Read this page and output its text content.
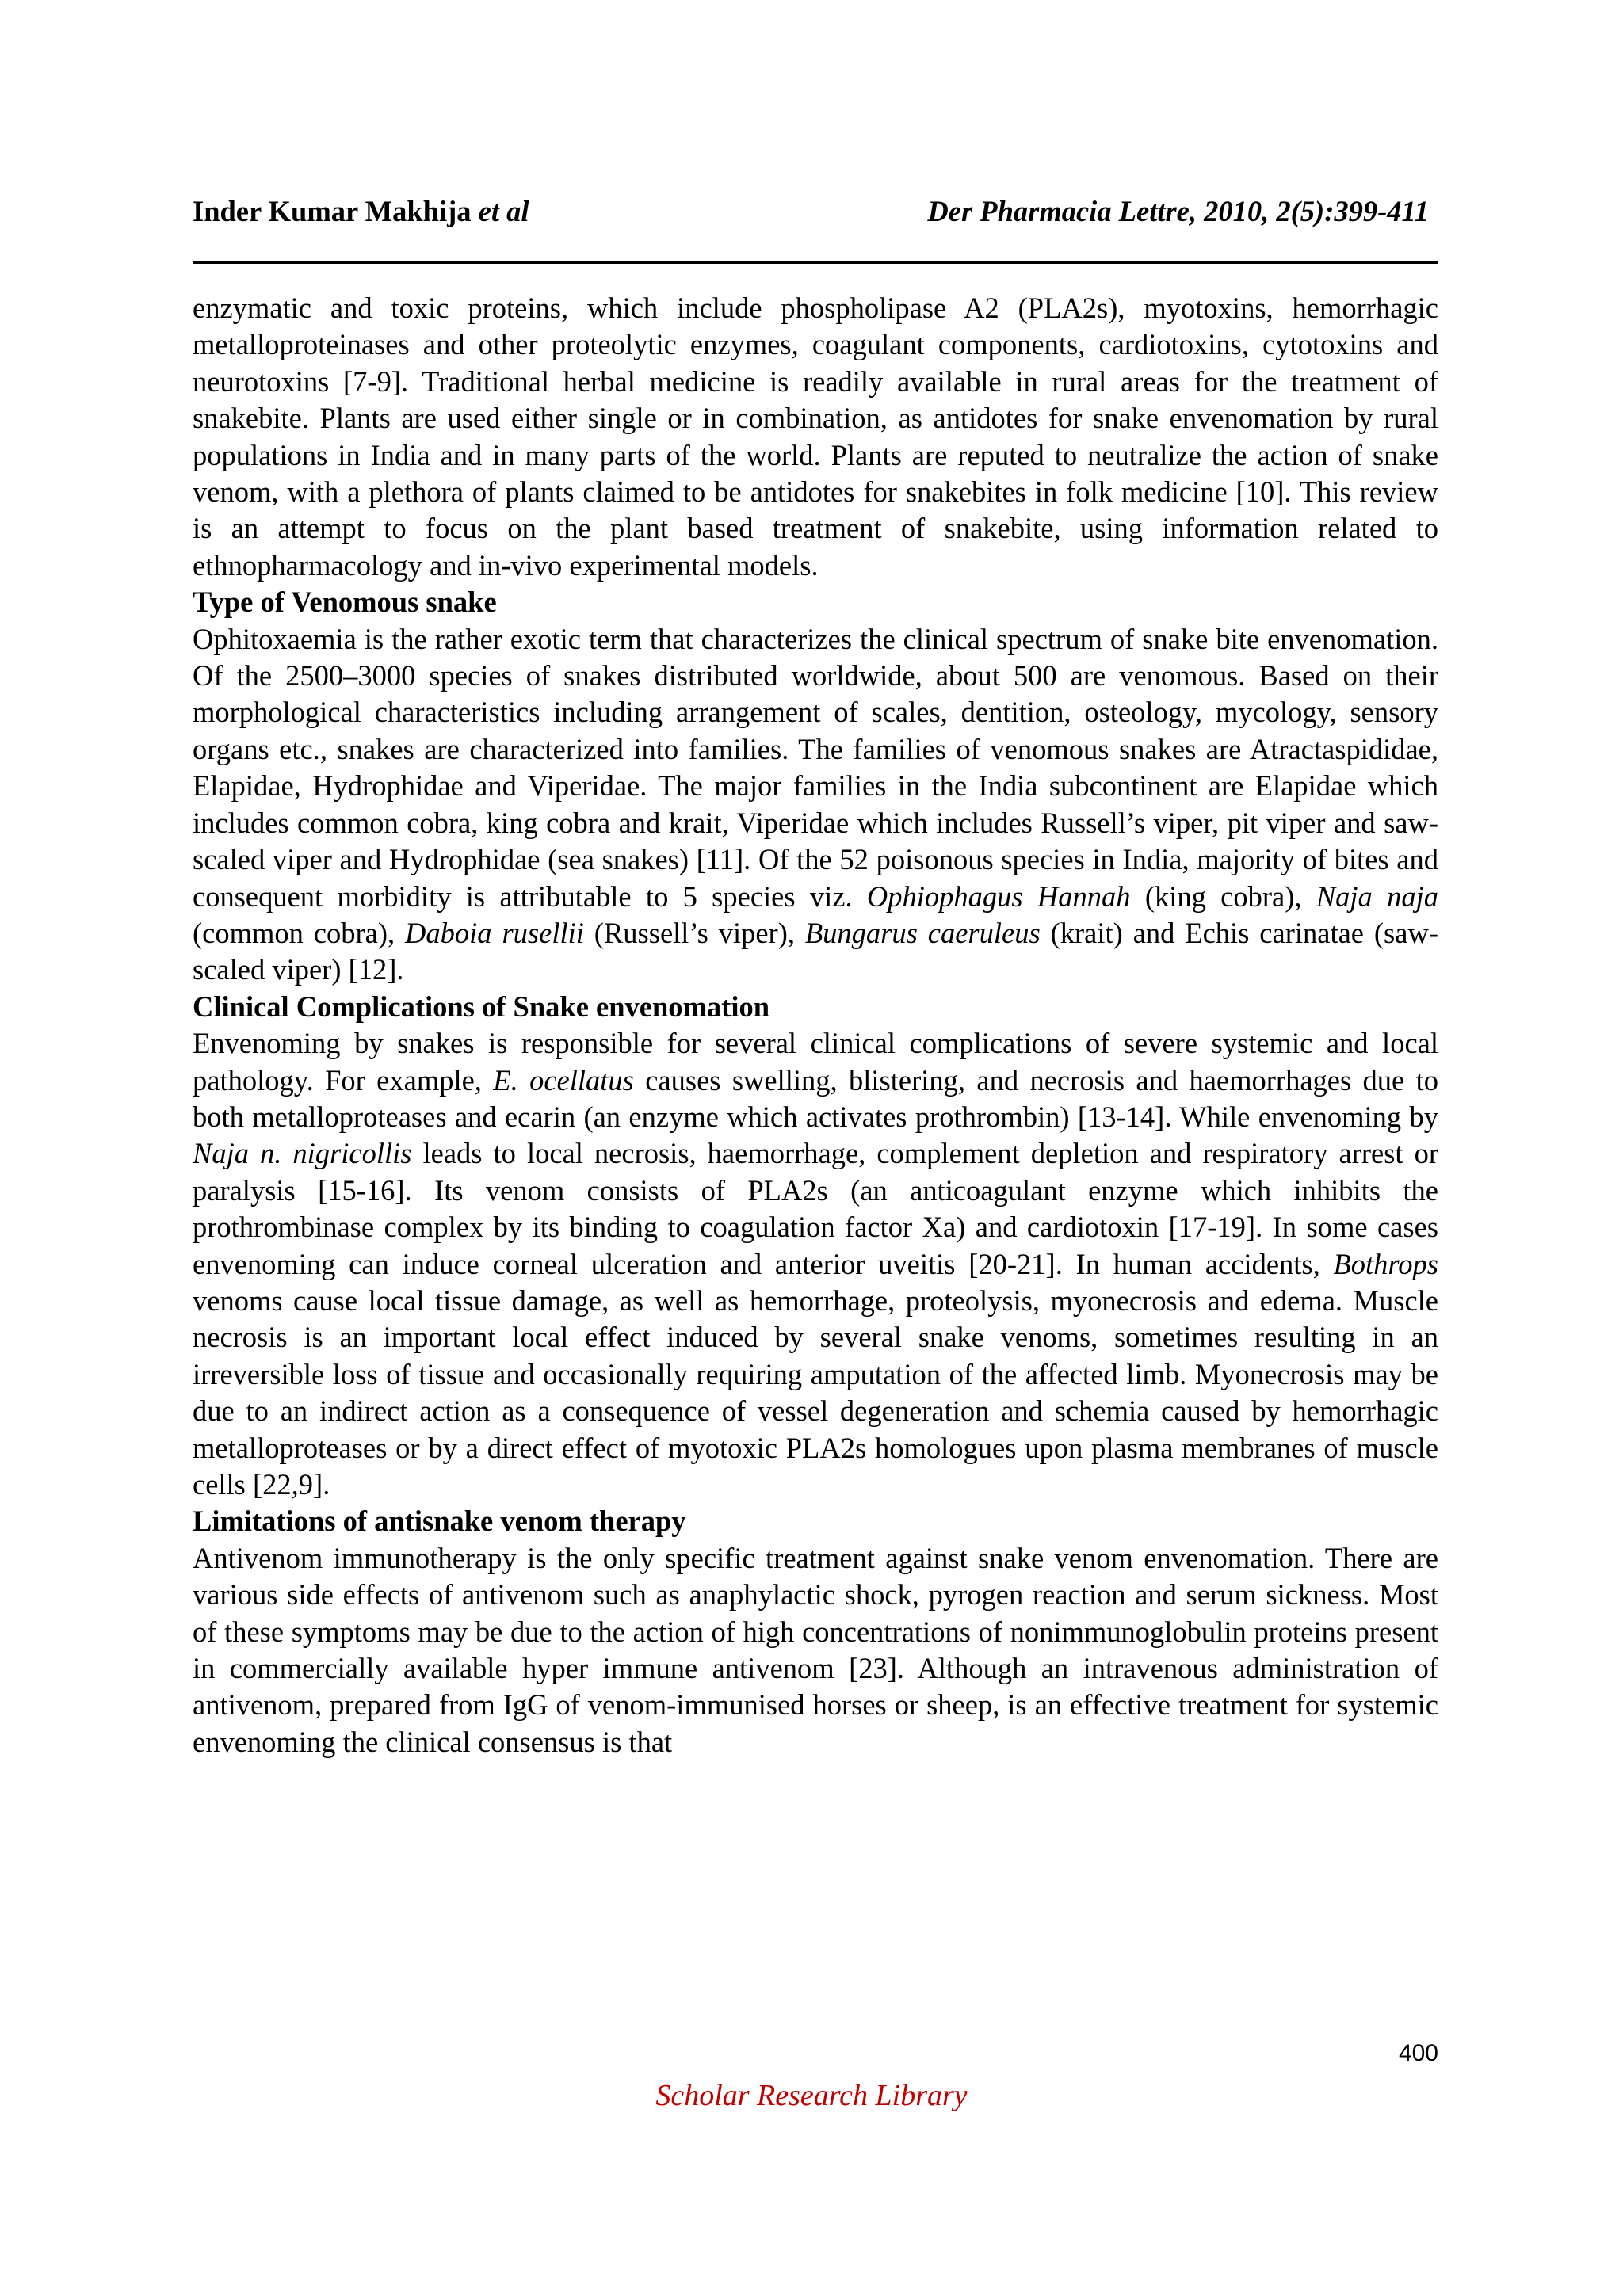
Inder Kumar Makhija et al	Der Pharmacia Lettre, 2010, 2(5):399-411

enzymatic and toxic proteins, which include phospholipase A2 (PLA2s), myotoxins, hemorrhagic metalloproteinases and other proteolytic enzymes, coagulant components, cardiotoxins, cytotoxins and neurotoxins [7-9]. Traditional herbal medicine is readily available in rural areas for the treatment of snakebite. Plants are used either single or in combination, as antidotes for snake envenomation by rural populations in India and in many parts of the world. Plants are reputed to neutralize the action of snake venom, with a plethora of plants claimed to be antidotes for snakebites in folk medicine [10]. This review is an attempt to focus on the plant based treatment of snakebite, using information related to ethnopharmacology and in-vivo experimental models.

Type of Venomous snake

Ophitoxaemia is the rather exotic term that characterizes the clinical spectrum of snake bite envenomation. Of the 2500–3000 species of snakes distributed worldwide, about 500 are venomous. Based on their morphological characteristics including arrangement of scales, dentition, osteology, mycology, sensory organs etc., snakes are characterized into families. The families of venomous snakes are Atractaspididae, Elapidae, Hydrophidae and Viperidae. The major families in the India subcontinent are Elapidae which includes common cobra, king cobra and krait, Viperidae which includes Russell’s viper, pit viper and saw-scaled viper and Hydrophidae (sea snakes) [11]. Of the 52 poisonous species in India, majority of bites and consequent morbidity is attributable to 5 species viz. Ophiophagus Hannah (king cobra), Naja naja (common cobra), Daboia rusellii (Russell’s viper), Bungarus caeruleus (krait) and Echis carinatae (saw-scaled viper) [12].

Clinical Complications of Snake envenomation

Envenoming by snakes is responsible for several clinical complications of severe systemic and local pathology. For example, E. ocellatus causes swelling, blistering, and necrosis and haemorrhages due to both metalloproteases and ecarin (an enzyme which activates prothrombin) [13-14]. While envenoming by Naja n. nigricollis leads to local necrosis, haemorrhage, complement depletion and respiratory arrest or paralysis [15-16]. Its venom consists of PLA2s (an anticoagulant enzyme which inhibits the prothrombinase complex by its binding to coagulation factor Xa) and cardiotoxin [17-19]. In some cases envenoming can induce corneal ulceration and anterior uveitis [20-21]. In human accidents, Bothrops venoms cause local tissue damage, as well as hemorrhage, proteolysis, myonecrosis and edema. Muscle necrosis is an important local effect induced by several snake venoms, sometimes resulting in an irreversible loss of tissue and occasionally requiring amputation of the affected limb. Myonecrosis may be due to an indirect action as a consequence of vessel degeneration and schemia caused by hemorrhagic metalloproteases or by a direct effect of myotoxic PLA2s homologues upon plasma membranes of muscle cells [22,9].

Limitations of antisnake venom therapy

Antivenom immunotherapy is the only specific treatment against snake venom envenomation. There are various side effects of antivenom such as anaphylactic shock, pyrogen reaction and serum sickness. Most of these symptoms may be due to the action of high concentrations of nonimmunoglobulin proteins present in commercially available hyper immune antivenom [23]. Although an intravenous administration of antivenom, prepared from IgG of venom-immunised horses or sheep, is an effective treatment for systemic envenoming the clinical consensus is that

400
Scholar Research Library
